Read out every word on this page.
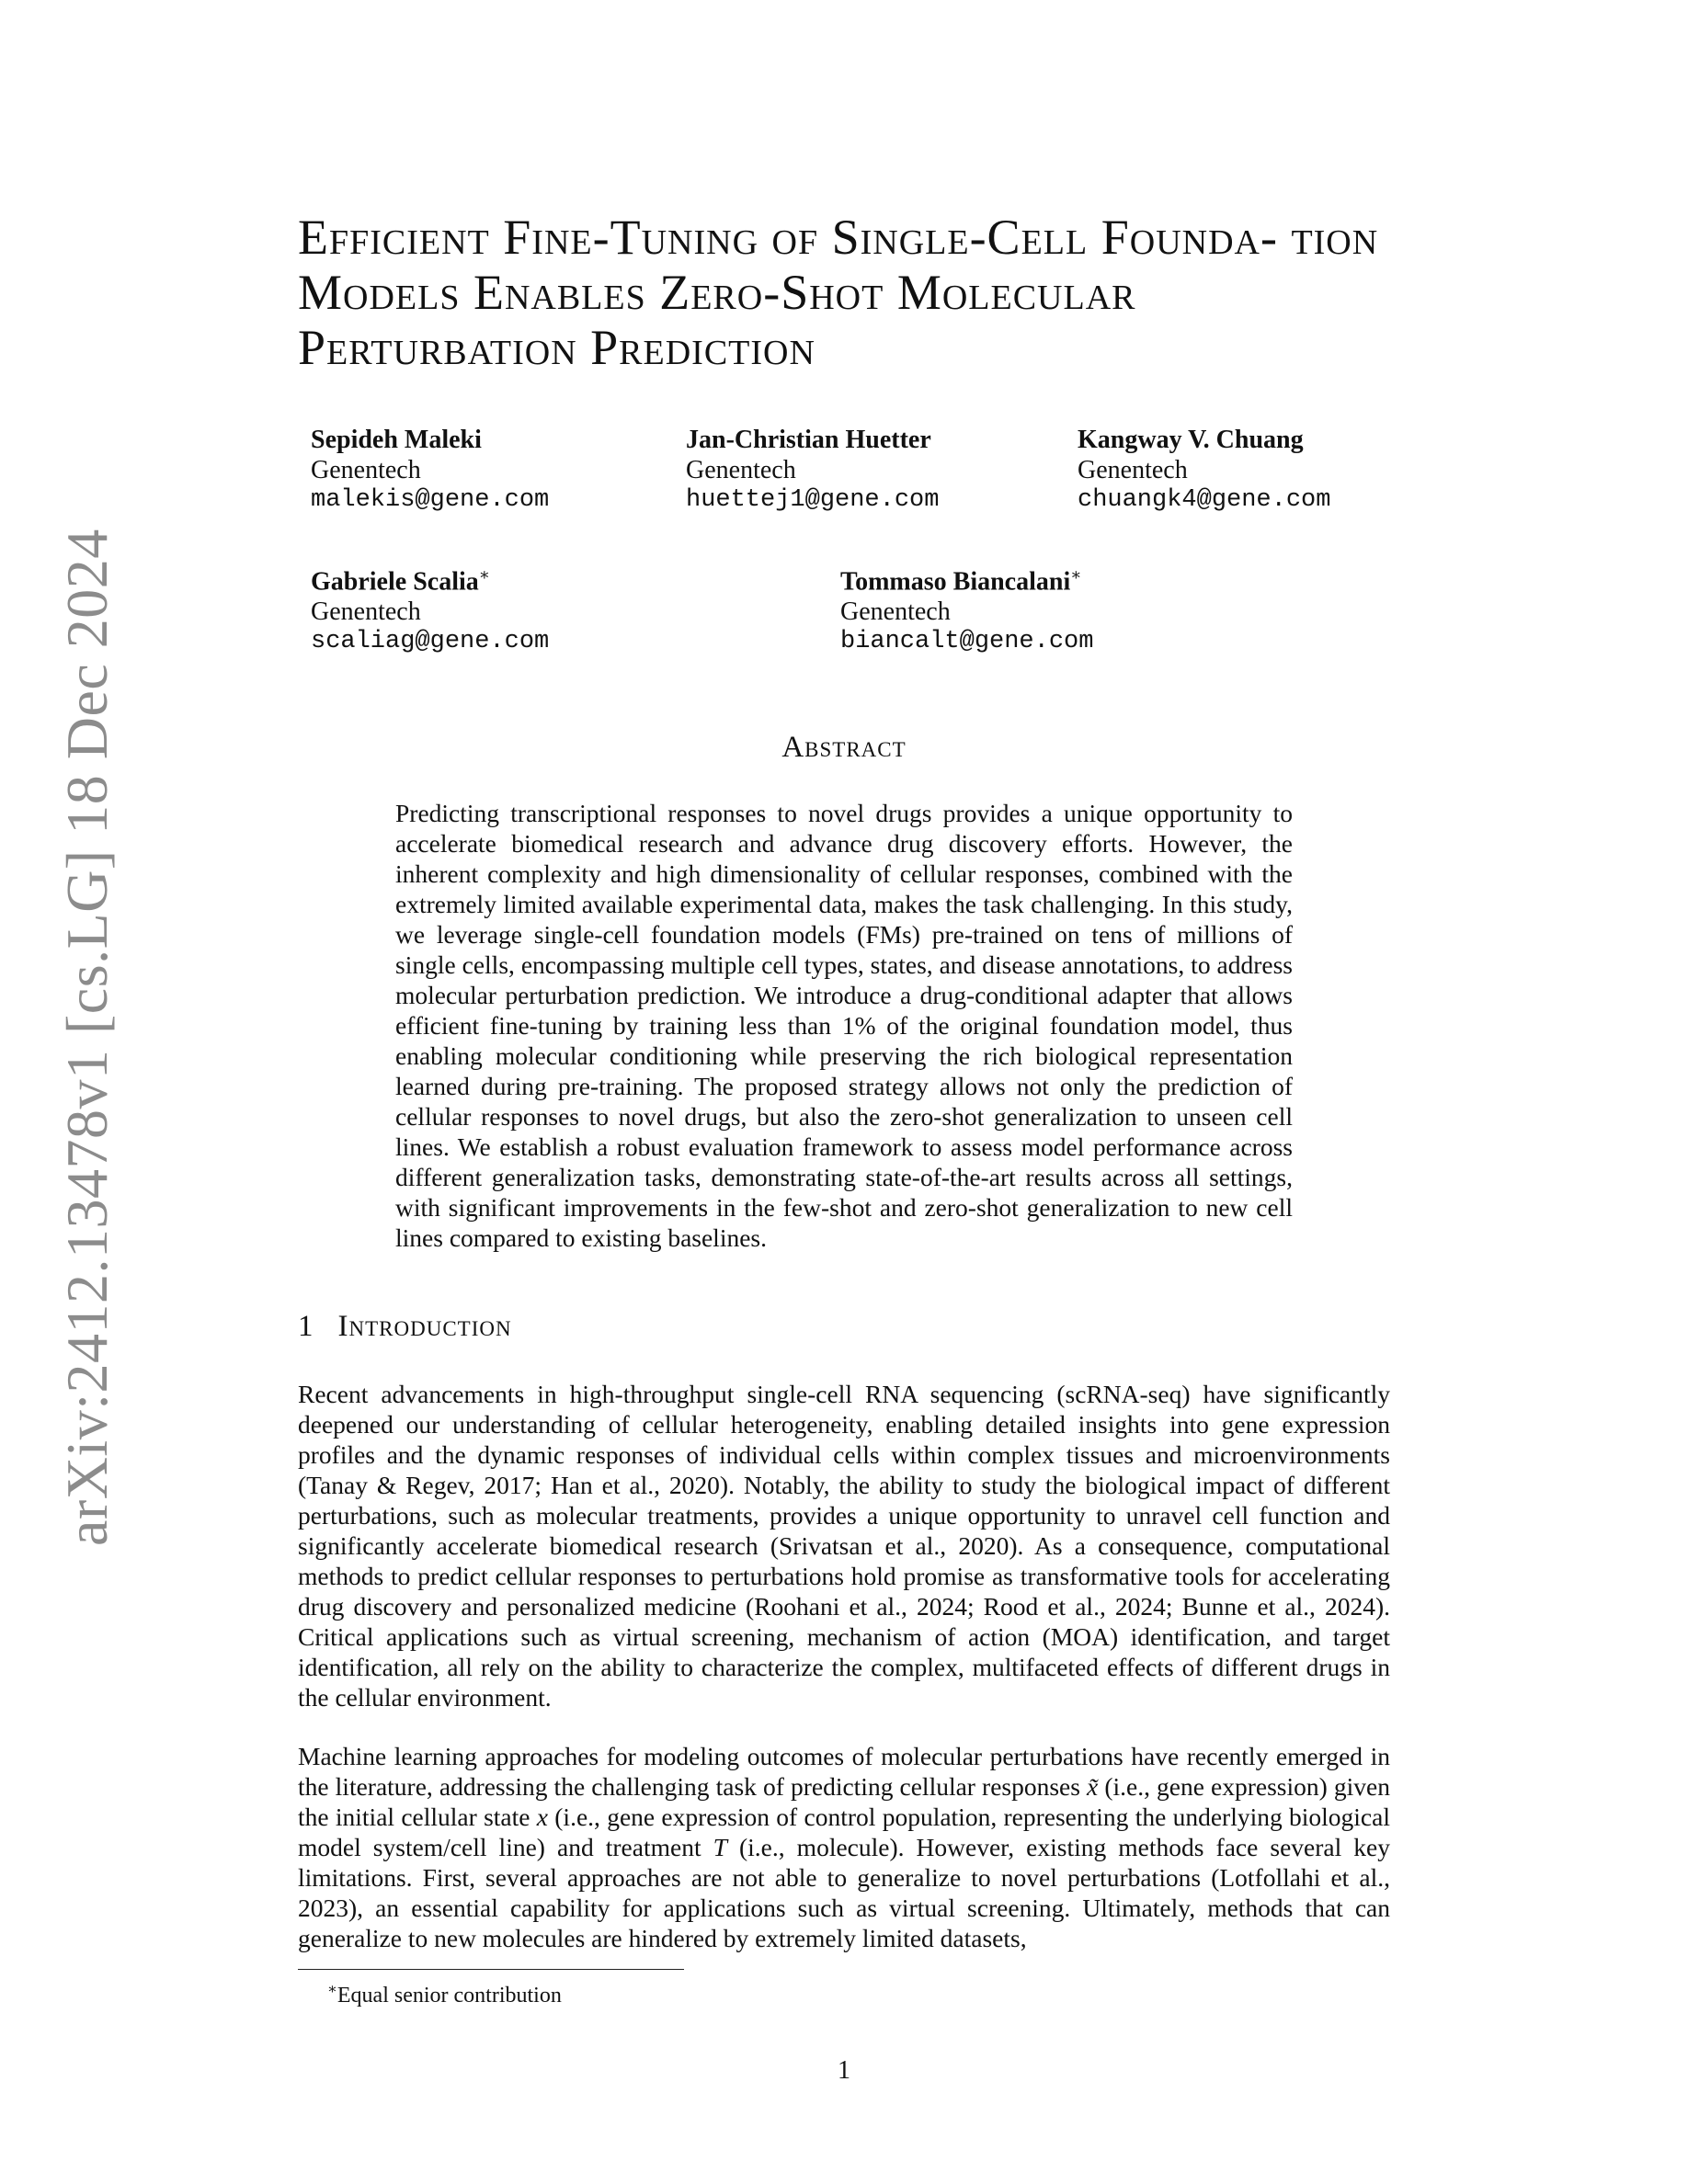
arXiv:2412.13478v1 [cs.LG] 18 Dec 2024
Efficient Fine-Tuning of Single-Cell Founda- tion Models Enables Zero-Shot Molecular Perturbation Prediction
Sepideh Maleki
Genentech
malekis@gene.com
Jan-Christian Huetter
Genentech
huettej1@gene.com
Kangway V. Chuang
Genentech
chuangk4@gene.com
Gabriele Scalia∗
Genentech
scaliag@gene.com
Tommaso Biancalani∗
Genentech
biancalt@gene.com
Abstract

Predicting transcriptional responses to novel drugs provides a unique opportunity to accelerate biomedical research and advance drug discovery efforts. However, the inherent complexity and high dimensionality of cellular responses, combined with the extremely limited available experimental data, makes the task challenging. In this study, we leverage single-cell foundation models (FMs) pre-trained on tens of millions of single cells, encompassing multiple cell types, states, and disease annotations, to address molecular perturbation prediction. We introduce a drug-conditional adapter that allows efficient fine-tuning by training less than 1% of the original foundation model, thus enabling molecular conditioning while preserving the rich biological representation learned during pre-training. The proposed strategy allows not only the prediction of cellular responses to novel drugs, but also the zero-shot generalization to unseen cell lines. We establish a robust evaluation framework to assess model performance across different generalization tasks, demonstrating state-of-the-art results across all settings, with significant improvements in the few-shot and zero-shot generalization to new cell lines compared to existing baselines.

1 Introduction

Recent advancements in high-throughput single-cell RNA sequencing (scRNA-seq) have significantly deepened our understanding of cellular heterogeneity, enabling detailed insights into gene expression profiles and the dynamic responses of individual cells within complex tissues and microenvironments (Tanay & Regev, 2017; Han et al., 2020). Notably, the ability to study the biological impact of different perturbations, such as molecular treatments, provides a unique opportunity to unravel cell function and significantly accelerate biomedical research (Srivatsan et al., 2020). As a consequence, computational methods to predict cellular responses to perturbations hold promise as transformative tools for accelerating drug discovery and personalized medicine (Roohani et al., 2024; Rood et al., 2024; Bunne et al., 2024). Critical applications such as virtual screening, mechanism of action (MOA) identification, and target identification, all rely on the ability to characterize the complex, multifaceted effects of different drugs in the cellular environment.

Machine learning approaches for modeling outcomes of molecular perturbations have recently emerged in the literature, addressing the challenging task of predicting cellular responses x̃ (i.e., gene expression) given the initial cellular state x (i.e., gene expression of control population, representing the underlying biological model system/cell line) and treatment T (i.e., molecule). However, existing methods face several key limitations. First, several approaches are not able to generalize to novel perturbations (Lotfollahi et al., 2023), an essential capability for applications such as virtual screening. Ultimately, methods that can generalize to new molecules are hindered by extremely limited datasets,

∗Equal senior contribution
1
